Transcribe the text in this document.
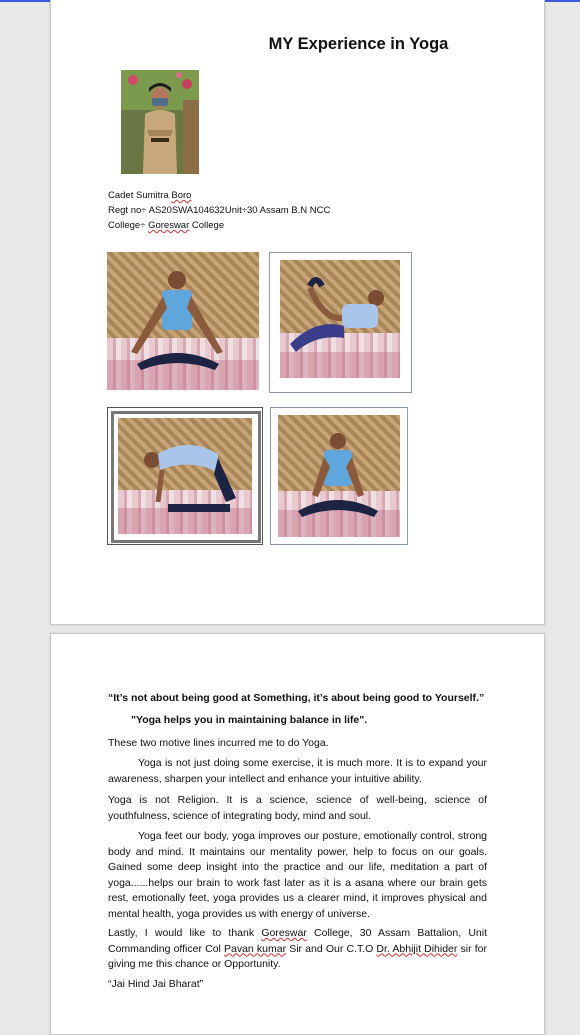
MY Experience in Yoga
Cadet Sumitra Boro
Regt no÷ AS20SWA104632Unit÷30 Assam B.N NCC
College÷ Goreswar College
“It’s not about being good at Something, it’s about being good to Yourself.”
"Yoga helps you in maintaining balance in life".
These two motive lines incurred me to do Yoga.
Yoga is not just doing some exercise, it is much more. It is to expand your awareness, sharpen your intellect and enhance your intuitive ability.
Yoga is not Religion. It is a science, science of well-being, science of youthfulness, science of integrating body, mind and soul.
Yoga feet our body, yoga improves our posture, emotionally control, strong body and mind. It maintains our mentality power, help to focus on our goals. Gained some deep insight into the practice and our life, meditation a part of yoga......helps our brain to work fast later as it is a asana where our brain gets rest, emotionally feet, yoga provides us a clearer mind, it improves physical and mental health, yoga provides us with energy of universe.
Lastly, I would like to thank Goreswar College, 30 Assam Battalion, Unit Commanding officer Col Pavan kumar Sir and Our C.T.O Dr. Abhijit Dihider sir for giving me this chance or Opportunity.
“Jai Hind Jai Bharat”
